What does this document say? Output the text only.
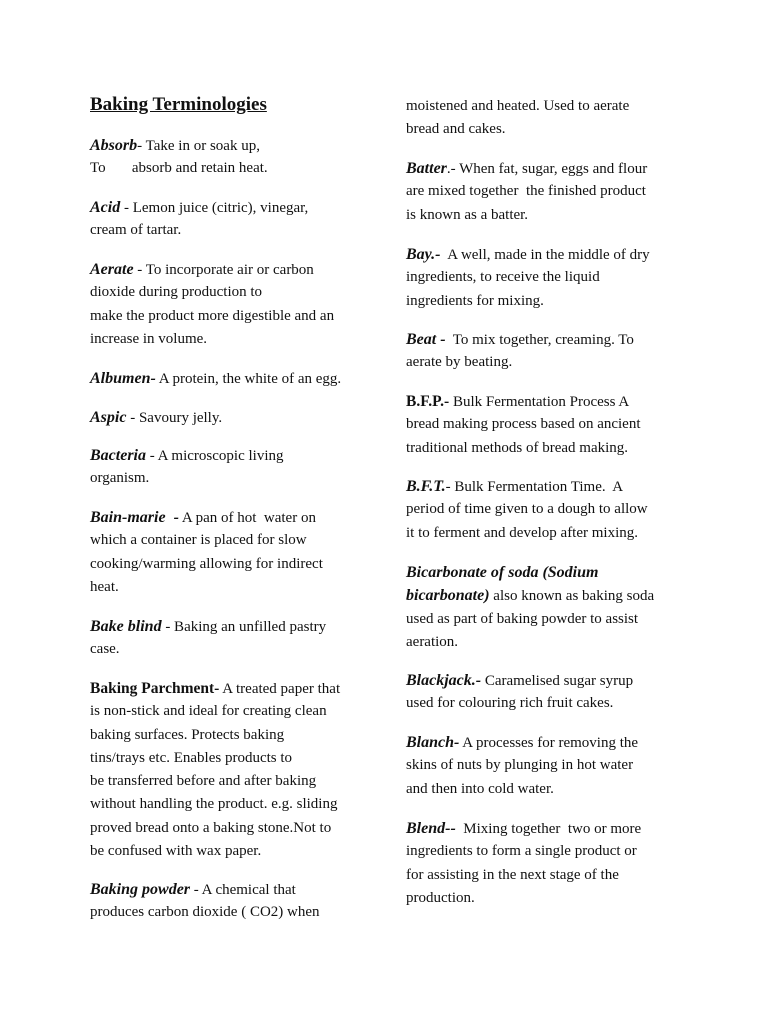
Baking Terminologies
Absorb- Take in or soak up,
To       absorb and retain heat.
Acid - Lemon juice (citric), vinegar,
cream of tartar.
Aerate - To incorporate air or carbon
dioxide during production to
make the product more digestible and an
increase in volume.
Albumen- A protein, the white of an egg.
Aspic - Savoury jelly.
Bacteria - A microscopic living
organism.
Bain-marie  - A pan of hot  water on
which a container is placed for slow
cooking/warming allowing for indirect
heat.
Bake blind - Baking an unfilled pastry
case.
Baking Parchment- A treated paper that
is non-stick and ideal for creating clean
baking surfaces. Protects baking
tins/trays etc. Enables products to
be transferred before and after baking
without handling the product. e.g. sliding
proved bread onto a baking stone.Not to
be confused with wax paper.
Baking powder - A chemical that
produces carbon dioxide ( CO2) when
moistened and heated. Used to aerate
bread and cakes.
Batter.- When fat, sugar, eggs and flour
are mixed together  the finished product
is known as a batter.
Bay.-  A well, made in the middle of dry
ingredients, to receive the liquid
ingredients for mixing.
Beat -  To mix together, creaming. To
aerate by beating.
B.F.P.- Bulk Fermentation Process A
bread making process based on ancient
traditional methods of bread making.
B.F.T.- Bulk Fermentation Time.  A
period of time given to a dough to allow
it to ferment and develop after mixing.
Bicarbonate of soda (Sodium
bicarbonate) also known as baking soda
used as part of baking powder to assist
aeration.
Blackjack.- Caramelised sugar syrup
used for colouring rich fruit cakes.
Blanch- A processes for removing the
skins of nuts by plunging in hot water
and then into cold water.
Blend--  Mixing together  two or more
ingredients to form a single product or
for assisting in the next stage of the
production.
